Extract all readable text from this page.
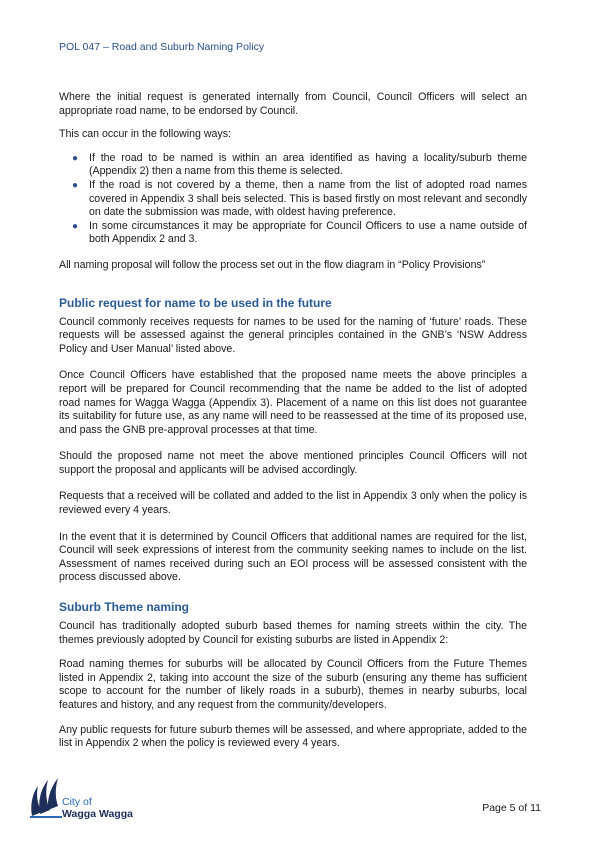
POL 047 – Road and Suburb Naming Policy

Where the initial request is generated internally from Council, Council Officers will select an appropriate road name, to be endorsed by Council.

This can occur in the following ways:

● If the road to be named is within an area identified as having a locality/suburb theme (Appendix 2) then a name from this theme is selected.
● If the road is not covered by a theme, then a name from the list of adopted road names covered in Appendix 3 shall beis selected. This is based firstly on most relevant and secondly on date the submission was made, with oldest having preference.
● In some circumstances it may be appropriate for Council Officers to use a name outside of both Appendix 2 and 3.

All naming proposal will follow the process set out in the flow diagram in “Policy Provisions”

Public request for name to be used in the future

Council commonly receives requests for names to be used for the naming of ‘future’ roads. These requests will be assessed against the general principles contained in the GNB’s ‘NSW Address Policy and User Manual’ listed above.

Once Council Officers have established that the proposed name meets the above principles a report will be prepared for Council recommending that the name be added to the list of adopted road names for Wagga Wagga (Appendix 3). Placement of a name on this list does not guarantee its suitability for future use, as any name will need to be reassessed at the time of its proposed use, and pass the GNB pre-approval processes at that time.

Should the proposed name not meet the above mentioned principles Council Officers will not support the proposal and applicants will be advised accordingly.

Requests that a received will be collated and added to the list in Appendix 3 only when the policy is reviewed every 4 years.

In the event that it is determined by Council Officers that additional names are required for the list, Council will seek expressions of interest from the community seeking names to include on the list. Assessment of names received during such an EOI process will be assessed consistent with the process discussed above.

Suburb Theme naming

Council has traditionally adopted suburb based themes for naming streets within the city. The themes previously adopted by Council for existing suburbs are listed in Appendix 2:

Road naming themes for suburbs will be allocated by Council Officers from the Future Themes listed in Appendix 2, taking into account the size of the suburb (ensuring any theme has sufficient scope to account for the number of likely roads in a suburb), themes in nearby suburbs, local features and history, and any request from the community/developers.

Any public requests for future suburb themes will be assessed, and where appropriate, added to the list in Appendix 2 when the policy is reviewed every 4 years.

City of
Wagga Wagga	Page 5 of 11
